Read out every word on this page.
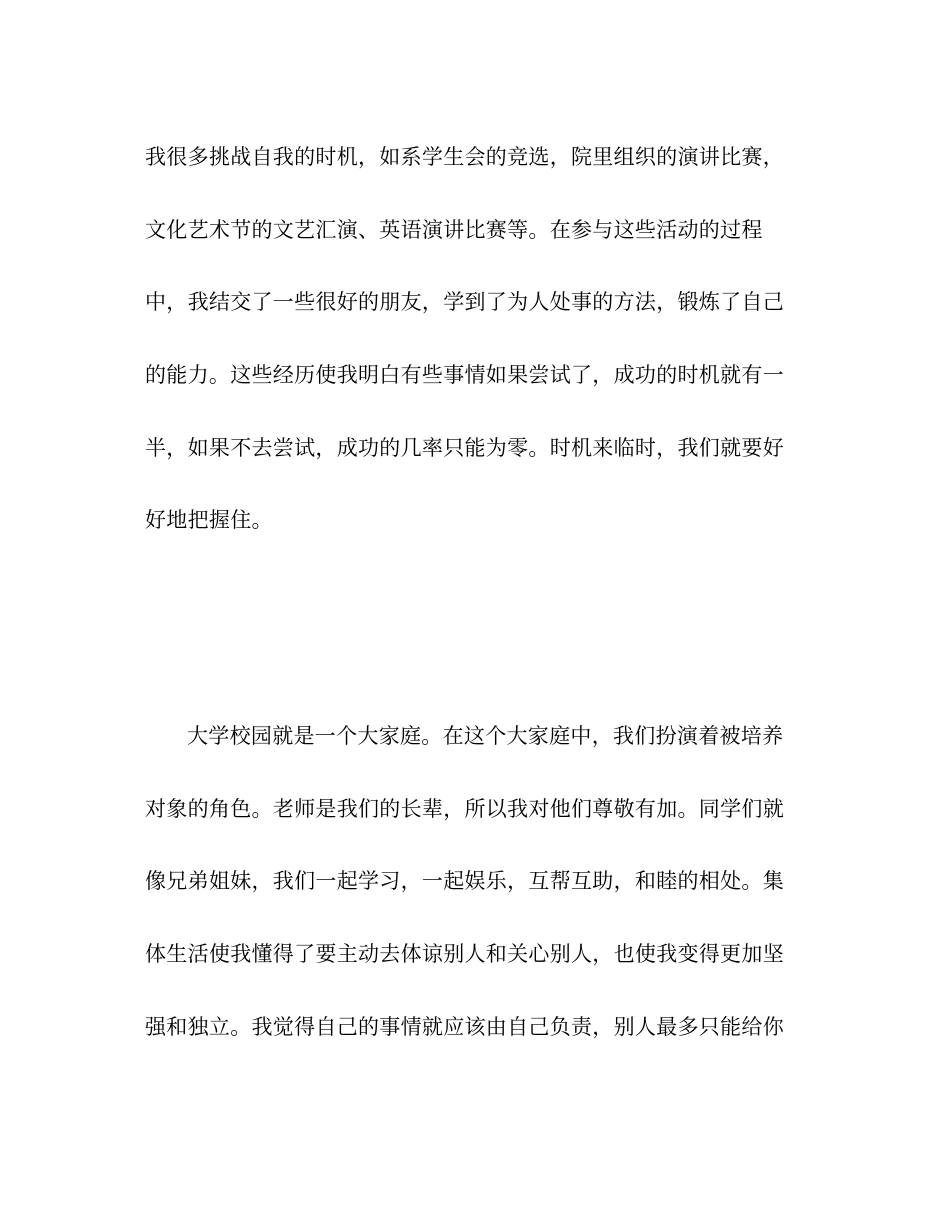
我很多挑战自我的时机，如系学生会的竞选，院里组织的演讲比赛，
文化艺术节的文艺汇演、英语演讲比赛等。在参与这些活动的过程
中，我结交了一些很好的朋友，学到了为人处事的方法，锻炼了自己
的能力。这些经历使我明白有些事情如果尝试了，成功的时机就有一
半，如果不去尝试，成功的几率只能为零。时机来临时，我们就要好
好地把握住。
大学校园就是一个大家庭。在这个大家庭中，我们扮演着被培养
对象的角色。老师是我们的长辈，所以我对他们尊敬有加。同学们就
像兄弟姐妹，我们一起学习，一起娱乐，互帮互助，和睦的相处。集
体生活使我懂得了要主动去体谅别人和关心别人，也使我变得更加坚
强和独立。我觉得自己的事情就应该由自己负责，别人最多只能给你
